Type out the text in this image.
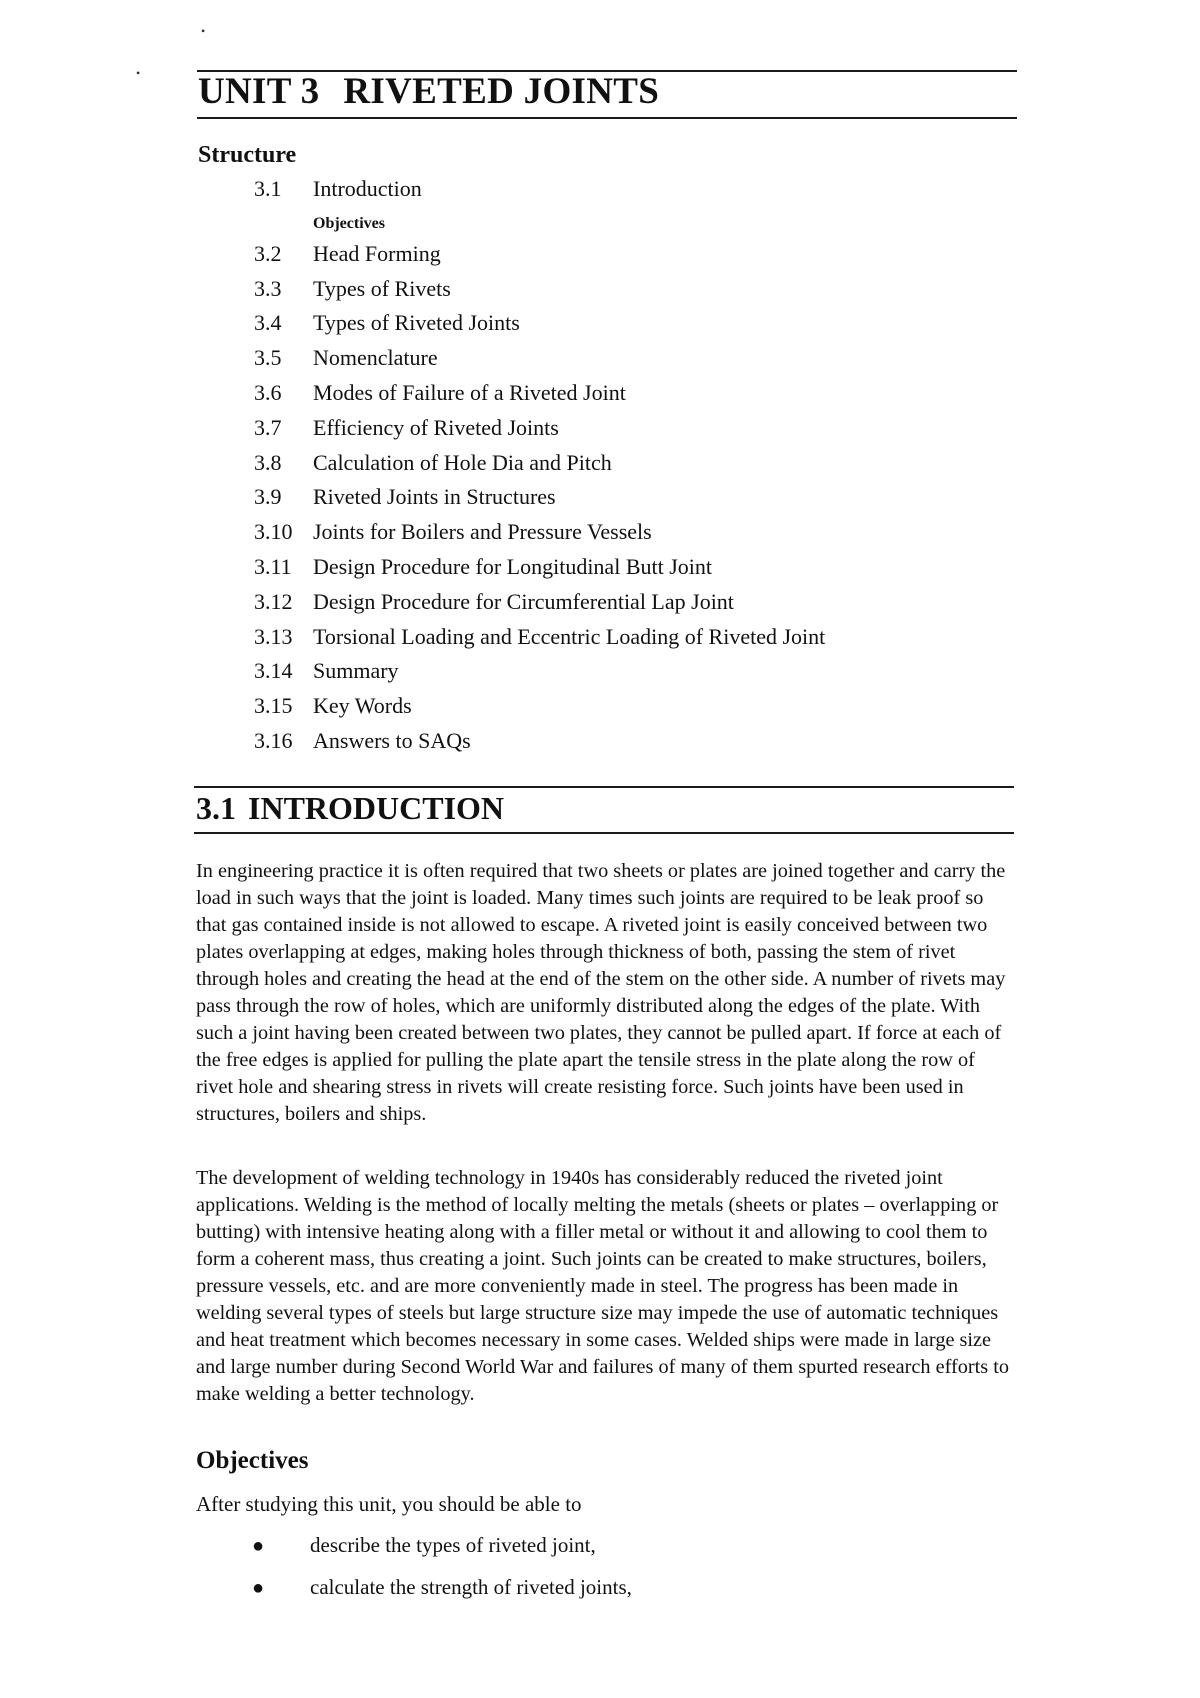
•
• UNIT 3 RIVETED JOINTS
Structure
3.1 Introduction
Objectives
3.2 Head Forming
3.3 Types of Rivets
3.4 Types of Riveted Joints
3.5 Nomenclature
3.6 Modes of Failure of a Riveted Joint
3.7 Efficiency of Riveted Joints
3.8 Calculation of Hole Dia and Pitch
3.9 Riveted Joints in Structures
3.10 Joints for Boilers and Pressure Vessels
3.11 Design Procedure for Longitudinal Butt Joint
3.12 Design Procedure for Circumferential Lap Joint
3.13 Torsional Loading and Eccentric Loading of Riveted Joint
3.14 Summary
3.15 Key Words
3.16 Answers to SAQs
3.1 INTRODUCTION

In engineering practice it is often required that two sheets or plates are joined together and carry the load in such ways that the joint is loaded. Many times such joints are required to be leak proof so that gas contained inside is not allowed to escape. A riveted joint is easily conceived between two plates overlapping at edges, making holes through thickness of both, passing the stem of rivet through holes and creating the head at the end of the stem on the other side. A number of rivets may pass through the row of holes, which are uniformly distributed along the edges of the plate. With such a joint having been created between two plates, they cannot be pulled apart. If force at each of the free edges is applied for pulling the plate apart the tensile stress in the plate along the row of rivet hole and shearing stress in rivets will create resisting force. Such joints have been used in structures, boilers and ships.

The development of welding technology in 1940s has considerably reduced the riveted joint applications. Welding is the method of locally melting the metals (sheets or plates – overlapping or butting) with intensive heating along with a filler metal or without it and allowing to cool them to form a coherent mass, thus creating a joint. Such joints can be created to make structures, boilers, pressure vessels, etc. and are more conveniently made in steel. The progress has been made in welding several types of steels but large structure size may impede the use of automatic techniques and heat treatment which becomes necessary in some cases. Welded ships were made in large size and large number during Second World War and failures of many of them spurted research efforts to make welding a better technology.

Objectives

After studying this unit, you should be able to

● describe the types of riveted joint,
● calculate the strength of riveted joints,
